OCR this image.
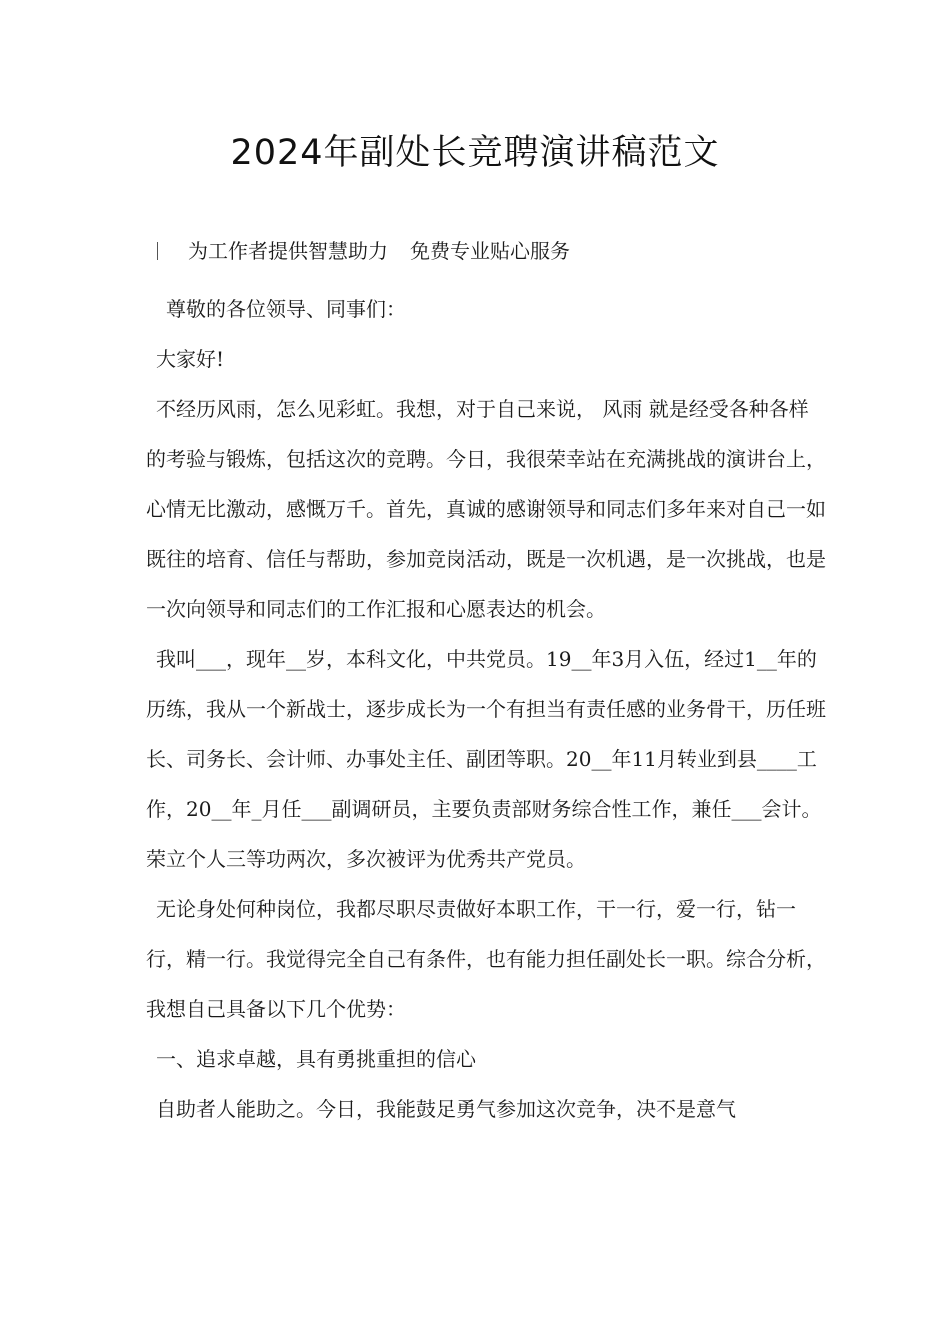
2024年副处长竞聘演讲稿范文
为工作者提供智慧助力 免费专业贴心服务

尊敬的各位领导、同事们：

大家好!

不经历风雨，怎么见彩虹。我想，对于自己来说， 风雨 就是经受各种各样的考验与锻炼，包括这次的竞聘。今日，我很荣幸站在充满挑战的演讲台上，心情无比激动，感慨万千。首先，真诚的感谢领导和同志们多年来对自己一如既往的培育、信任与帮助，参加竞岗活动，既是一次机遇，是一次挑战，也是一次向领导和同志们的工作汇报和心愿表达的机会。

我叫___，现年__岁，本科文化，中共党员。19__年3月入伍，经过1__年的历练，我从一个新战士，逐步成长为一个有担当有责任感的业务骨干，历任班长、司务长、会计师、办事处主任、副团等职。20__年11月转业到县____工作，20__年_月任___副调研员，主要负责部财务综合性工作，兼任___会计。荣立个人三等功两次，多次被评为优秀共产党员。

无论身处何种岗位，我都尽职尽责做好本职工作，干一行，爱一行，钻一行，精一行。我觉得完全自己有条件，也有能力担任副处长一职。综合分析，我想自己具备以下几个优势：

一、追求卓越，具有勇挑重担的信心

自助者人能助之。今日，我能鼓足勇气参加这次竞争，决不是意气
